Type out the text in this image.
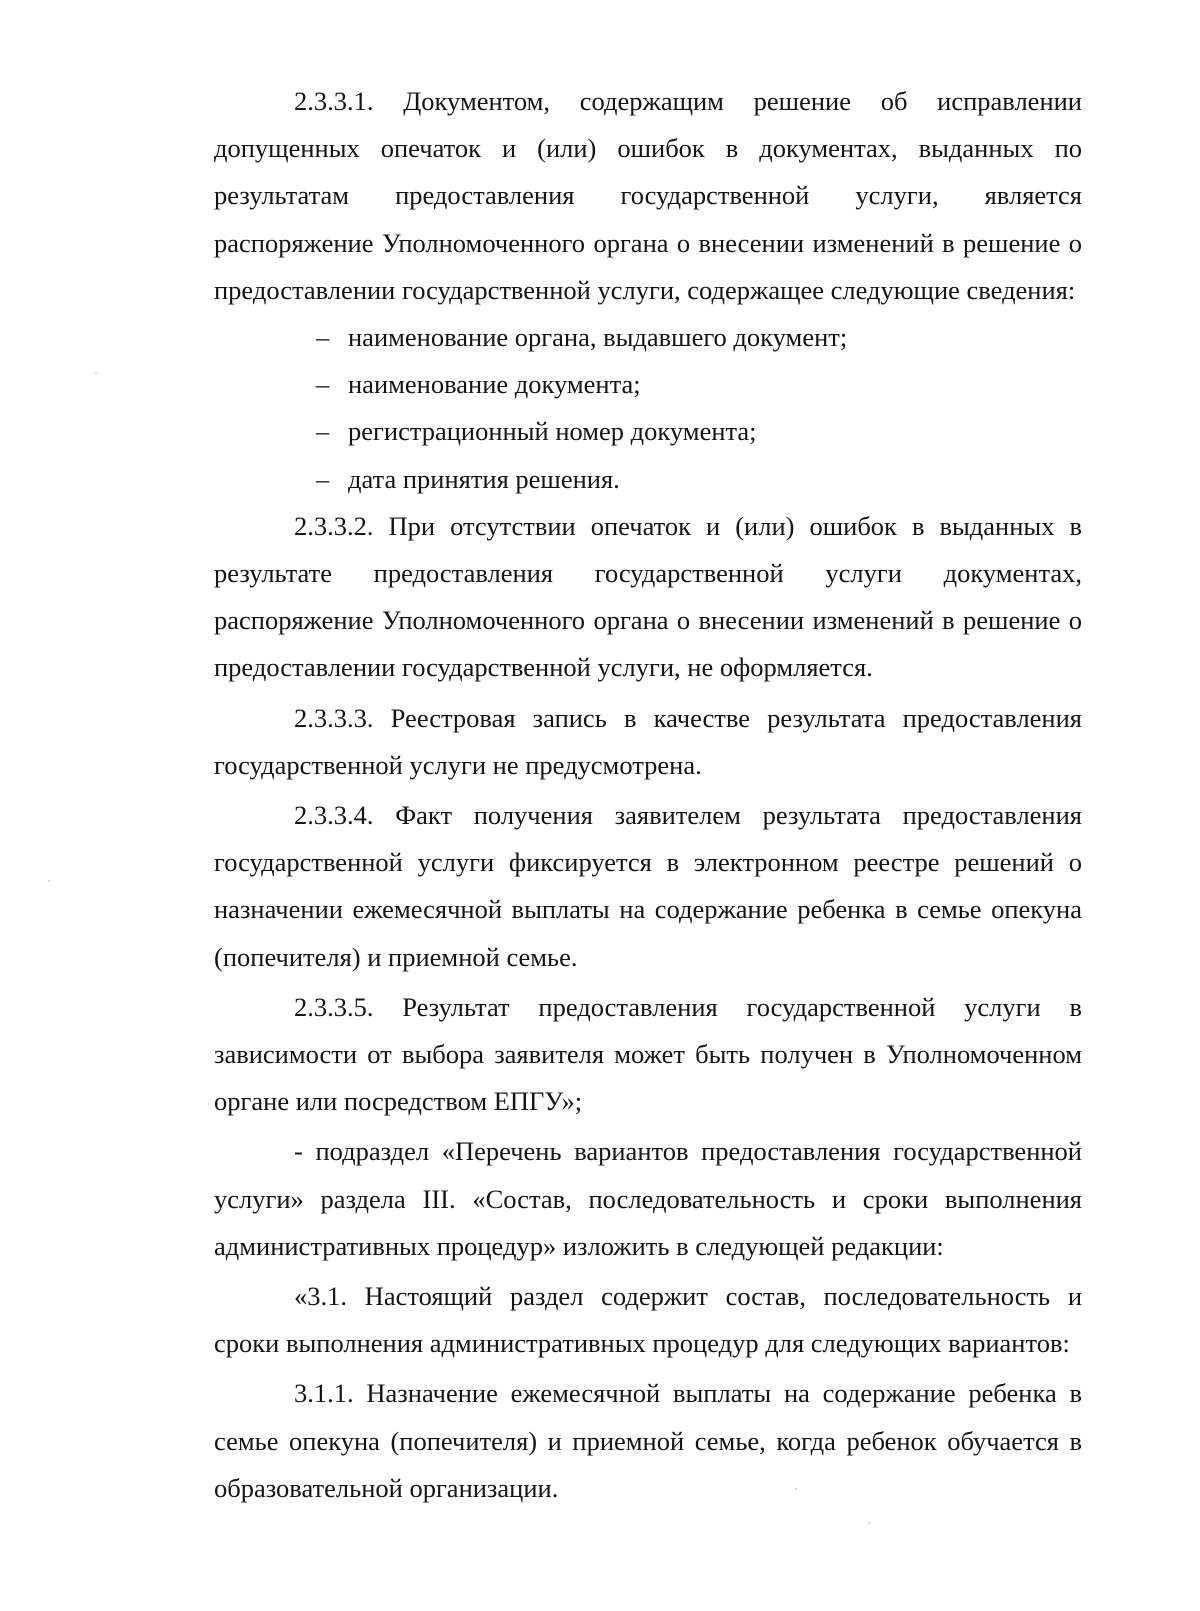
2.3.3.1. Документом, содержащим решение об исправлении допущенных опечаток и (или) ошибок в документах, выданных по результатам предоставления государственной услуги, является распоряжение Уполномоченного органа о внесении изменений в решение о предоставлении государственной услуги, содержащее следующие сведения:

– наименование органа, выдавшего документ;
– наименование документа;
– регистрационный номер документа;
– дата принятия решения.

2.3.3.2. При отсутствии опечаток и (или) ошибок в выданных в результате предоставления государственной услуги документах, распоряжение Уполномоченного органа о внесении изменений в решение о предоставлении государственной услуги, не оформляется.

2.3.3.3. Реестровая запись в качестве результата предоставления государственной услуги не предусмотрена.

2.3.3.4. Факт получения заявителем результата предоставления государственной услуги фиксируется в электронном реестре решений о назначении ежемесячной выплаты на содержание ребенка в семье опекуна (попечителя) и приемной семье.

2.3.3.5. Результат предоставления государственной услуги в зависимости от выбора заявителя может быть получен в Уполномоченном органе или посредством ЕПГУ»;

- подраздел «Перечень вариантов предоставления государственной услуги» раздела III. «Состав, последовательность и сроки выполнения административных процедур» изложить в следующей редакции:

«3.1. Настоящий раздел содержит состав, последовательность и сроки выполнения административных процедур для следующих вариантов:

3.1.1. Назначение ежемесячной выплаты на содержание ребенка в семье опекуна (попечителя) и приемной семье, когда ребенок обучается в образовательной организации.
